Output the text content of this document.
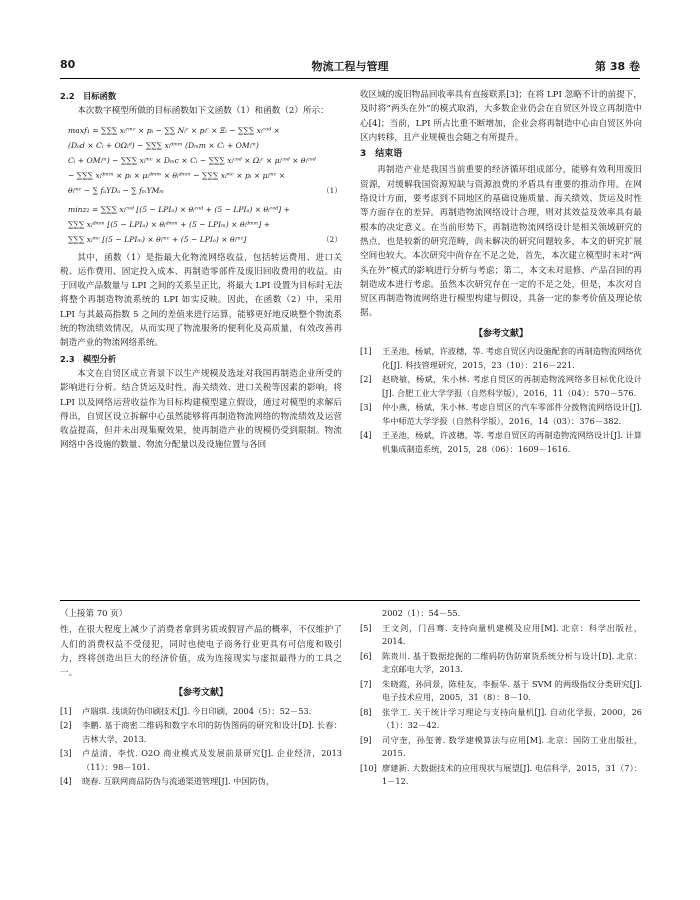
80	物流工程与管理	第 38 卷
2.2　目标函数

本次数字模型所做的目标函数如下文函数（1）和函数（2）所示：

maxf₁ = ∑∑∑ xᵢᶜᵐᶜ × pᵢ − ∑∑ Nᵢᶜ × pᵢᶜ × Ξᵢ − ∑∑∑ xᵢᶜᵒᵈ ×
(Dₒd × Cᵢ + OΩᵢᵈ) − ∑∑∑ xᵢᵈᵐᵐ (Dₘm × Cᵢ + OMᵢᵐ)
Cᵢ + OMᵢᵐ) − ∑∑∑ xᵢᵐᶜ × Dₘc × Cᵢ − ∑∑∑ xᵢᶜᵒᵈ × Ωᵢᶜ × μᵢᶜᵒᵈ × θᵢᶜᵒᵈ
− ∑∑∑ xᵢᵈᵐᵐ × pᵢ × μᵢᵈᵐᵐ × θᵢᵈᵐᵐ − ∑∑∑ xᵢᵐᶜ × pᵢ × μᵢᵐᶜ ×
θᵢᵐᶜ − ∑ fₐYDₐ − ∑ fₘYMₘ	（1）
minz₂ = ∑∑∑ xᵢᶜᵒᵈ [(5 − LPIₒ) × θᵢᶜᵒᵈ + (5 − LPIₐ) × θᵢᶜᵒᵈ] +
∑∑∑ xᵢᵈᵐᵐ [(5 − LPIₐ) × θᵢᵈᵐᵐ + (5 − LPIₘ) × θᵢᵈᵐᵐ] +
∑∑∑ xᵢᵐᶜ [(5 − LPIₘ) × θᵢᵐᶜ + (5 − LPIₒ) × θᵢᵐᶜ]	（2）

其中，函数（1）是指最大化物流网络收益，包括转运费用、进口关税、运作费用、固定投入成本、再制造零部件及废旧回收费用的收益。由于回收产品数量与 LPI 之间的关系呈正比，将最大 LPI 设置为目标时无法将整个再制造物流系统的 LPI 如实反映。因此，在函数（2）中，采用 LPI 与其最高指数 5 之间的差值来进行运算，能够更好地反映整个物流系统的物流绩效情况，从而实现了物流服务的便利化及高质量，有效改善再制造产业的物流网络系统。

2.3　模型分析

本文在自贸区成立背景下以生产规模及选址对我国再制造企业所受的影响进行分析。结合货运及时性、海关绩效、进口关税等因素的影响，将 LPI 以及网络运营收益作为目标构建模型建立假设，通过对模型的求解后得出，自贸区设立拆解中心虽然能够将再制造物流网络的物流绩效及运营收益提高，但并未出现集聚效果，使再制造产业的规模仍受到限制。物流网络中各设施的数量、物流分配量以及设施位置与各回

收区域的废旧物品回收率具有直接联系[3]；在将 LPI 忽略不计的前提下，及时将“两头在外”的模式取消，大多数企业仍会在自贸区外设立再制造中心[4]；当前，LPI 所占比重不断增加，企业会将再制造中心由自贸区外向区内转移，且产业规模也会随之有所提升。
3　结束语

再制造产业是我国当前重要的经济循环组成部分，能够有效利用废旧资源，对缓解我国资源短缺与资源浪费的矛盾具有重要的推动作用。在网络设计方面，要考虑到不同地区的基础设施质量、海关绩效、货运及时性等方面存在的差异。再制造物流网络设计合理，则对其效益及效率具有最根本的决定意义。在当前形势下，再制造物流网络设计是相关领域研究的热点，也是较新的研究范畴，尚未解决的研究问题较多，本文的研究扩展空间也较大。本次研究中尚存在不足之处，首先，本次建立模型时未对“两头在外”模式的影响进行分析与考虑；第二，本文未对退修、产品召回的再制造成本进行考虑。虽然本次研究存在一定的不足之处，但是，本次对自贸区再制造物流网络进行模型构建与假设，具备一定的参考价值及理论依据。

【参考文献】
[1]	王圣池，杨斌，许波穗，等. 考虑自贸区内设施配套的再制造物流网络优化[J]. 科技管理研究，2015，23（10）：216－221.
[2]	赵晓敏，杨斌，朱小林. 考虑自贸区的再制造物流网络多目标优化设计[J]. 合肥工业大学学报（自然科学版），2016，11（04）：570－576.
[3]	仲小燕，杨斌，朱小林. 考虑自贸区的汽车零部件分拨物流网络设计[J]. 华中师范大学学报（自然科学版），2016，14（03）：376－382.
[4]	王圣池，杨斌，许波穗，等. 考虑自贸区的再制造物流网络设计[J]. 计算机集成制造系统，2015，28（06）：1609－1616.
（上接第 70 页）
性，在很大程度上减少了消费者拿到劣质或假冒产品的概率，不仅维护了人们的消费权益不受侵犯，同时也使电子商务行业更具有可信度和吸引力，终将创造出巨大的经济价值，成为连接现实与虚拟最得力的工具之一。
【参考文献】
[1]	卢瑞琪. 浅谈防伪印刷技术[J]. 今日印刷，2004（5）：52－53.
[2]	李鹏. 基于商密二维码和数字水印的防伪图码的研究和设计[D]. 长春：吉林大学，2013.
[3]	卢益清，李忱. O2O 商业模式及发展前景研究[J]. 企业经济，2013（11）：98－101.
[4]	晓春. 互联网商品防伪与流通渠道管理[J]. 中国防伪，
2002（1）：54－55.
[5]	王文剑，门昌骞. 支持向量机建模及应用[M]. 北京：科学出版社，2014.
[6]	陈贵川. 基于数据挖掘的二维码防伪防窜货系统分析与设计[D]. 北京：北京邮电大学，2013.
[7]	朱晓霞，孙同景，陈桂友，李振华. 基于 SVM 的两级指纹分类研究[J]. 电子技术应用，2005，31（8）：8－10.
[8]	张学工. 关于统计学习理论与支持向量机[J]. 自动化学报，2000，26（1）：32－42.
[9]	司守奎，孙玺菁. 数学建模算法与应用[M]. 北京：国防工业出版社，2015.
[10] 廖建新. 大数据技术的应用现状与展望[J]. 电信科学，2015，31（7）：1－12.
